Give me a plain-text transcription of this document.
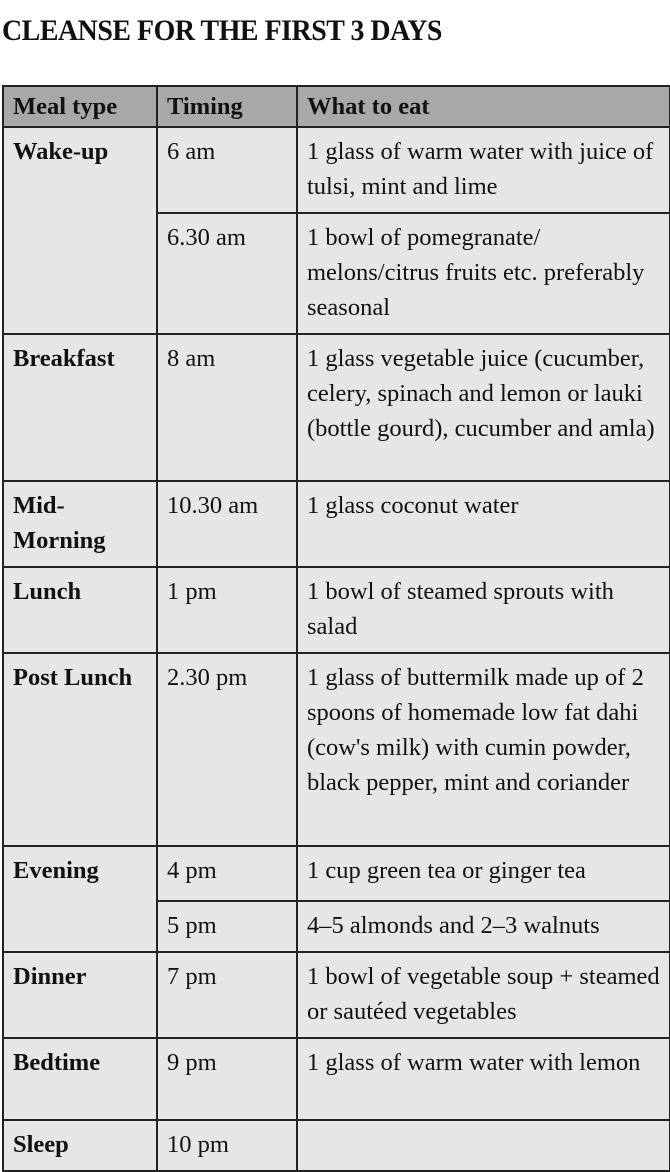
CLEANSE FOR THE FIRST 3 DAYS
Meal type	Timing	What to eat
Wake-up	6 am	1 glass of warm water with juice of tulsi, mint and lime
	6.30 am	1 bowl of pomegranate/ melons/citrus fruits etc. preferably seasonal
Breakfast	8 am	1 glass vegetable juice (cucumber, celery, spinach and lemon or lauki (bottle gourd), cucumber and amla)
Mid-Morning	10.30 am	1 glass coconut water
Lunch	1 pm	1 bowl of steamed sprouts with salad
Post Lunch	2.30 pm	1 glass of buttermilk made up of 2 spoons of homemade low fat dahi (cow's milk) with cumin powder, black pepper, mint and coriander
Evening	4 pm	1 cup green tea or ginger tea
	5 pm	4–5 almonds and 2–3 walnuts
Dinner	7 pm	1 bowl of vegetable soup + steamed or sautéed vegetables
Bedtime	9 pm	1 glass of warm water with lemon
Sleep	10 pm	
